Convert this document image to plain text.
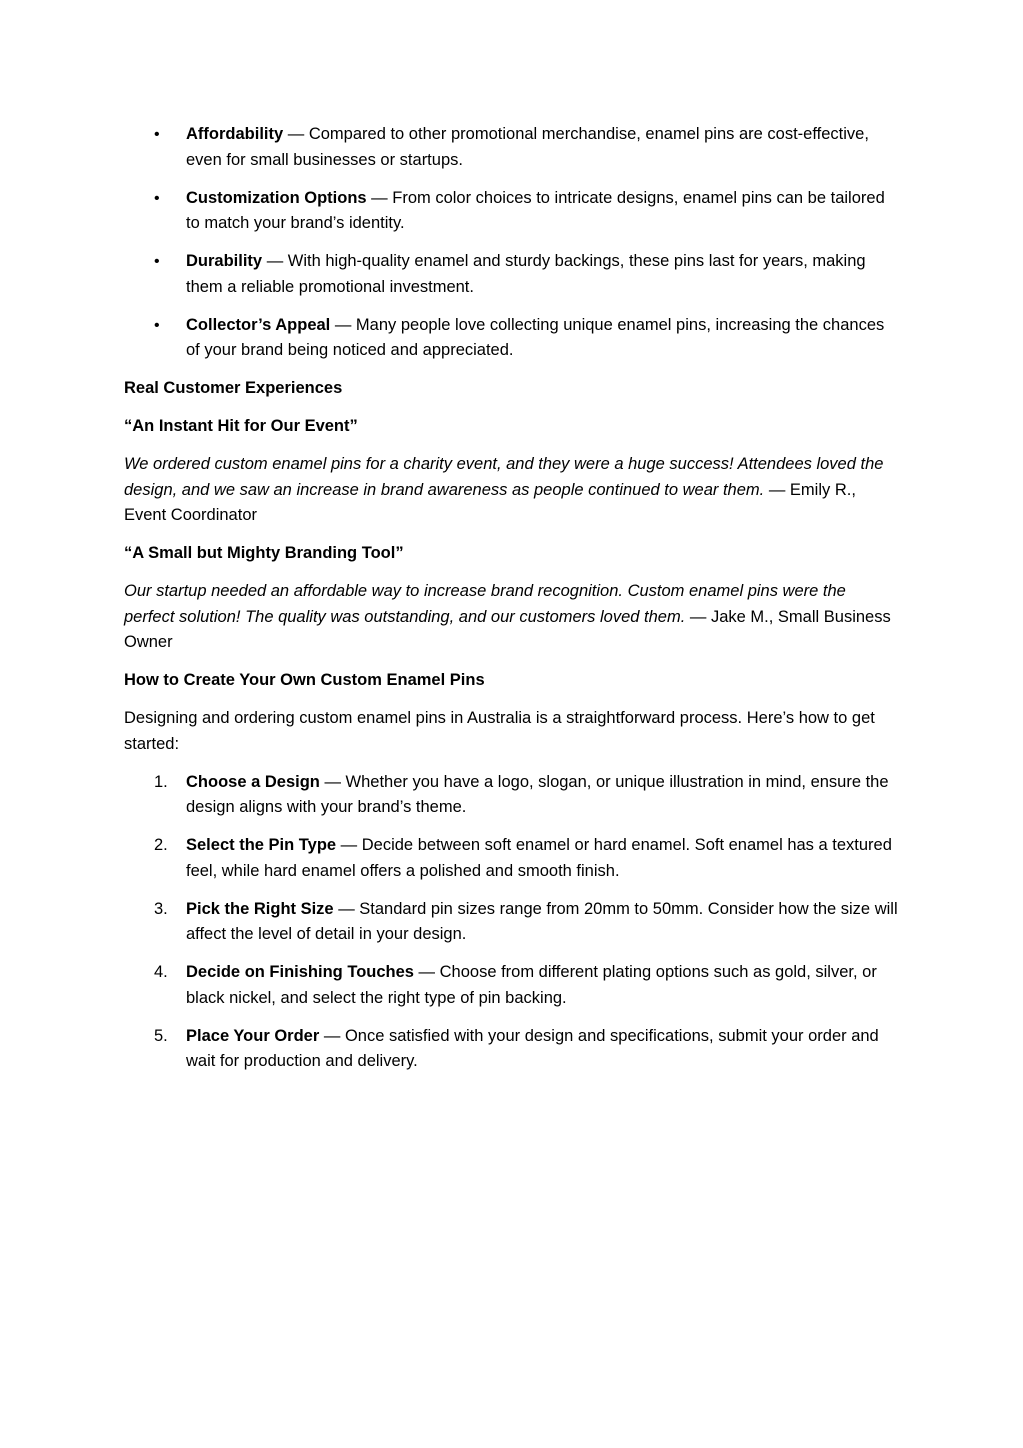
• Affordability — Compared to other promotional merchandise, enamel pins are cost-effective, even for small businesses or startups.
• Customization Options — From color choices to intricate designs, enamel pins can be tailored to match your brand’s identity.
• Durability — With high-quality enamel and sturdy backings, these pins last for years, making them a reliable promotional investment.
• Collector’s Appeal — Many people love collecting unique enamel pins, increasing the chances of your brand being noticed and appreciated.

Real Customer Experiences

“An Instant Hit for Our Event”

We ordered custom enamel pins for a charity event, and they were a huge success! Attendees loved the design, and we saw an increase in brand awareness as people continued to wear them. — Emily R., Event Coordinator

“A Small but Mighty Branding Tool”

Our startup needed an affordable way to increase brand recognition. Custom enamel pins were the perfect solution! The quality was outstanding, and our customers loved them. — Jake M., Small Business Owner

How to Create Your Own Custom Enamel Pins

Designing and ordering custom enamel pins in Australia is a straightforward process. Here’s how to get started:

1. Choose a Design — Whether you have a logo, slogan, or unique illustration in mind, ensure the design aligns with your brand’s theme.
2. Select the Pin Type — Decide between soft enamel or hard enamel. Soft enamel has a textured feel, while hard enamel offers a polished and smooth finish.
3. Pick the Right Size — Standard pin sizes range from 20mm to 50mm. Consider how the size will affect the level of detail in your design.
4. Decide on Finishing Touches — Choose from different plating options such as gold, silver, or black nickel, and select the right type of pin backing.
5. Place Your Order — Once satisfied with your design and specifications, submit your order and wait for production and delivery.
